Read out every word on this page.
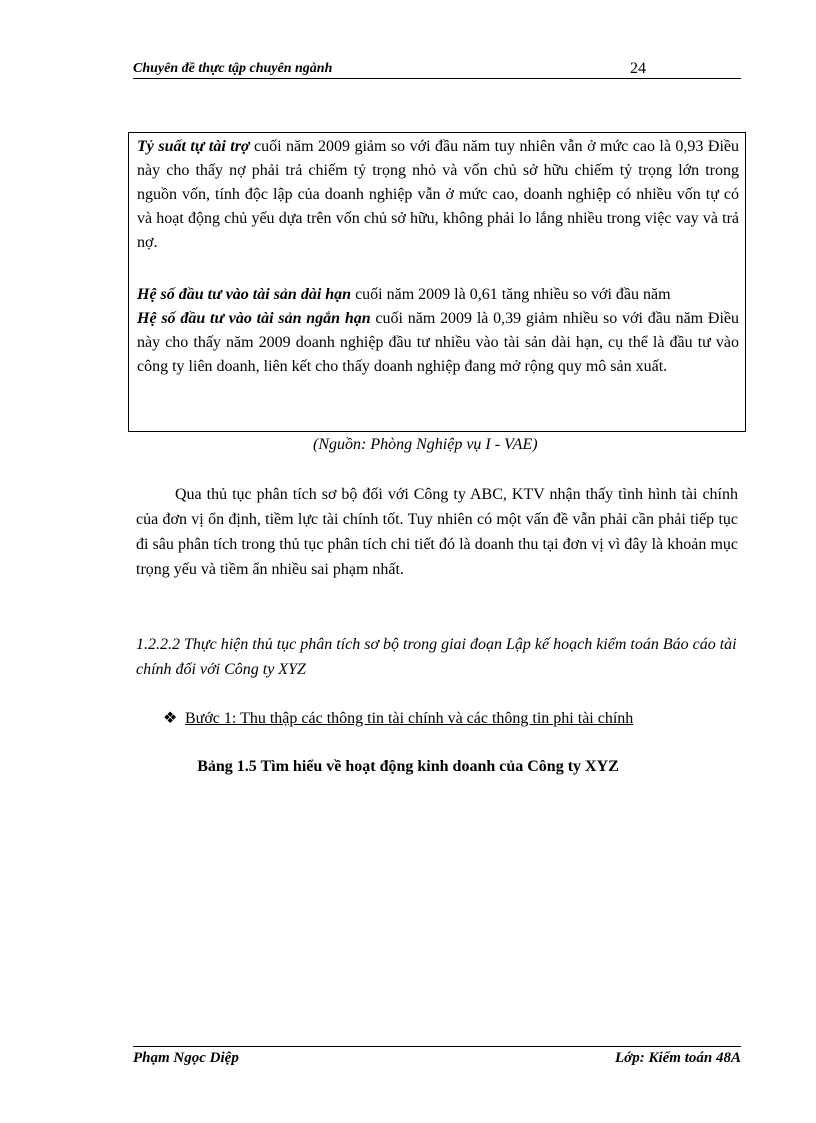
Chuyên đề thực tập chuyên ngành	24

Tỷ suất tự tài trợ cuối năm 2009 giảm so với đầu năm tuy nhiên vẫn ở mức cao là 0,93 Điều này cho thấy nợ phải trả chiếm tỷ trọng nhỏ và vốn chủ sở hữu chiếm tỷ trọng lớn trong nguồn vốn, tính độc lập của doanh nghiệp vẫn ở mức cao, doanh nghiệp có nhiều vốn tự có và hoạt động chủ yếu dựa trên vốn chủ sở hữu, không phải lo lắng nhiều trong việc vay và trả nợ.

Hệ số đầu tư vào tài sản dài hạn cuối năm 2009 là 0,61 tăng nhiều so với đầu năm

Hệ số đầu tư vào tài sản ngắn hạn cuối năm 2009 là 0,39 giảm nhiều so với đầu năm Điều này cho thấy năm 2009 doanh nghiệp đầu tư nhiều vào tài sản dài hạn, cụ thể là đầu tư vào công ty liên doanh, liên kết cho thấy doanh nghiệp đang mở rộng quy mô sản xuất.

(Nguồn: Phòng Nghiệp vụ I - VAE)

Qua thủ tục phân tích sơ bộ đối với Công ty ABC, KTV nhận thấy tình hình tài chính của đơn vị ổn định, tiềm lực tài chính tốt. Tuy nhiên có một vấn đề vẫn phải cần phải tiếp tục đi sâu phân tích trong thủ tục phân tích chi tiết đó là doanh thu tại đơn vị vì đây là khoản mục trọng yếu và tiềm ẩn nhiều sai phạm nhất.

1.2.2.2 Thực hiện thủ tục phân tích sơ bộ trong giai đoạn Lập kế hoạch kiểm toán Báo cáo tài chính đối với Công ty XYZ

❖ Bước 1: Thu thập các thông tin tài chính và các thông tin phi tài chính
Bảng 1.5 Tìm hiểu về hoạt động kinh doanh của Công ty XYZ
Phạm Ngọc Diệp	Lớp: Kiểm toán 48A
